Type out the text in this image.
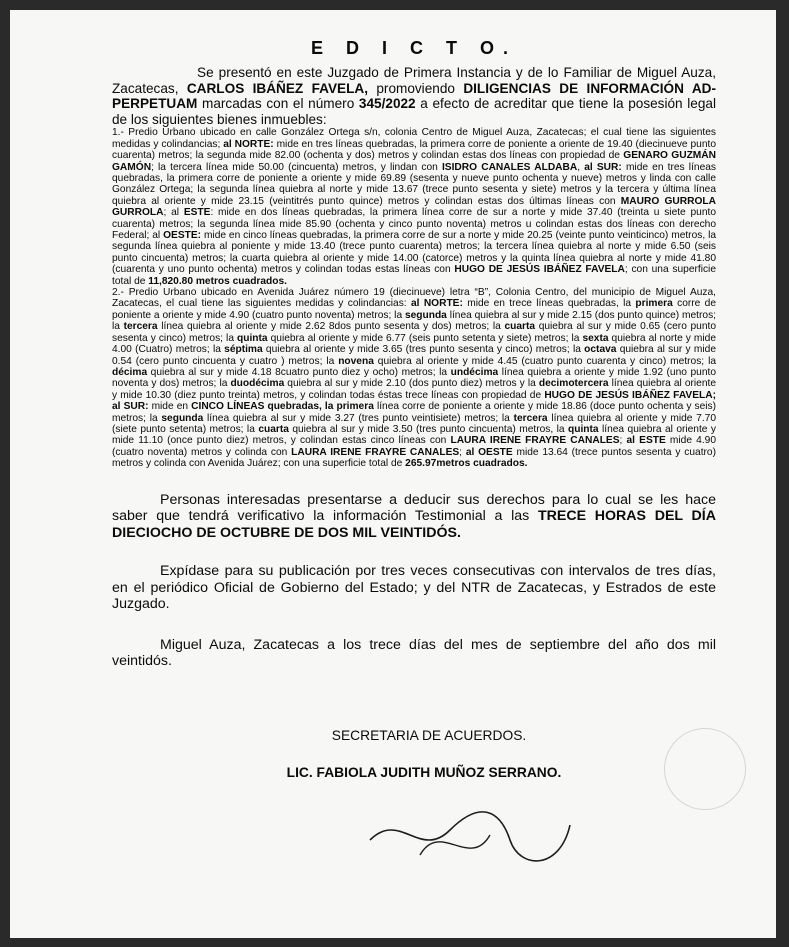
E D I C T O.

Se presentó en este Juzgado de Primera Instancia y de lo Familiar de Miguel Auza, Zacatecas, CARLOS IBÁÑEZ FAVELA, promoviendo DILIGENCIAS DE INFORMACIÓN AD-PERPETUAM marcadas con el número 345/2022 a efecto de acreditar que tiene la posesión legal de los siguientes bienes inmuebles:

1.- Predio Urbano ubicado en calle González Ortega s/n, colonia Centro de Miguel Auza, Zacatecas; el cual tiene las siguientes medidas y colindancias; al NORTE: mide en tres líneas quebradas, la primera corre de poniente a oriente de 19.40 (diecinueve punto cuarenta) metros; la segunda mide 82.00 (ochenta y dos) metros y colindan estas dos líneas con propiedad de GENARO GUZMÁN GAMÓN; la tercera línea mide 50.00 (cincuenta) metros, y lindan con ISIDRO CANALES ALDABA, al SUR: mide en tres líneas quebradas, la primera corre de poniente a oriente y mide 69.89 (sesenta y nueve punto ochenta y nueve) metros y linda con calle González Ortega; la segunda línea quiebra al norte y mide 13.67 (trece punto sesenta y siete) metros y la tercera y última línea quiebra al oriente y mide 23.15 (veintitrés punto quince) metros y colindan estas dos últimas líneas con MAURO GURROLA GURROLA; al ESTE: mide en dos líneas quebradas, la primera línea corre de sur a norte y mide 37.40 (treinta u siete punto cuarenta) metros; la segunda línea mide 85.90 (ochenta y cinco punto noventa) metros u colindan estas dos líneas con derecho Federal; al OESTE: mide en cinco líneas quebradas, la primera corre de sur a norte y mide 20.25 (veinte punto veinticinco) metros, la segunda línea quiebra al poniente y mide 13.40 (trece punto cuarenta) metros; la tercera línea quiebra al norte y mide 6.50 (seis punto cincuenta) metros; la cuarta quiebra al oriente y mide 14.00 (catorce) metros y la quinta línea quiebra al norte y mide 41.80 (cuarenta y uno punto ochenta) metros y colindan todas estas líneas con HUGO DE JESÚS IBÁÑEZ FAVELA; con una superficie total de 11,820.80 metros cuadrados.

2.- Predio Urbano ubicado en Avenida Juárez número 19 (diecinueve) letra “B”, Colonia Centro, del municipio de Miguel Auza, Zacatecas, el cual tiene las siguientes medidas y colindancias: al NORTE: mide en trece líneas quebradas, la primera corre de poniente a oriente y mide 4.90 (cuatro punto noventa) metros; la segunda línea quiebra al sur y mide 2.15 (dos punto quince) metros; la tercera línea quiebra al oriente y mide 2.62 8dos punto sesenta y dos) metros; la cuarta quiebra al sur y mide 0.65 (cero punto sesenta y cinco) metros; la quinta quiebra al oriente y mide 6.77 (seis punto setenta y siete) metros; la sexta quiebra al norte y mide 4.00 (Cuatro) metros; la séptima quiebra al oriente y mide 3.65 (tres punto sesenta y cinco) metros; la octava quiebra al sur y mide 0.54 (cero punto cincuenta y cuatro ) metros; la novena quiebra al oriente y mide 4.45 (cuatro punto cuarenta y cinco) metros; la décima quiebra al sur y mide 4.18 8cuatro punto diez y ocho) metros; la undécima línea quiebra a oriente y mide 1.92 (uno punto noventa y dos) metros; la duodécima quiebra al sur y mide 2.10 (dos punto diez) metros y la decimotercera línea quiebra al oriente y mide 10.30 (diez punto treinta) metros, y colindan todas éstas trece líneas con propiedad de HUGO DE JESÚS IBÁÑEZ FAVELA; al SUR: mide en CINCO LÍNEAS quebradas, la primera línea corre de poniente a oriente y mide 18.86 (doce punto ochenta y seis) metros; la segunda línea quiebra al sur y mide 3.27 (tres punto veintisiete) metros; la tercera línea quiebra al oriente y mide 7.70 (siete punto setenta) metros; la cuarta quiebra al sur y mide 3.50 (tres punto cincuenta) metros, la quinta línea quiebra al oriente y mide 11.10 (once punto diez) metros, y colindan estas cinco líneas con LAURA IRENE FRAYRE CANALES; al ESTE mide 4.90 (cuatro noventa) metros y colinda con LAURA IRENE FRAYRE CANALES; al OESTE mide 13.64 (trece puntos sesenta y cuatro) metros y colinda con Avenida Juárez; con una superficie total de 265.97metros cuadrados.

Personas interesadas presentarse a deducir sus derechos para lo cual se les hace saber que tendrá verificativo la información Testimonial a las TRECE HORAS DEL DÍA DIECIOCHO DE OCTUBRE DE DOS MIL VEINTIDÓS.

Expídase para su publicación por tres veces consecutivas con intervalos de tres días, en el periódico Oficial de Gobierno del Estado; y del NTR de Zacatecas, y Estrados de este Juzgado.

Miguel Auza, Zacatecas a los trece días del mes de septiembre del año dos mil veintidós.

SECRETARIA DE ACUERDOS.
LIC. FABIOLA JUDITH MUÑOZ SERRANO.
